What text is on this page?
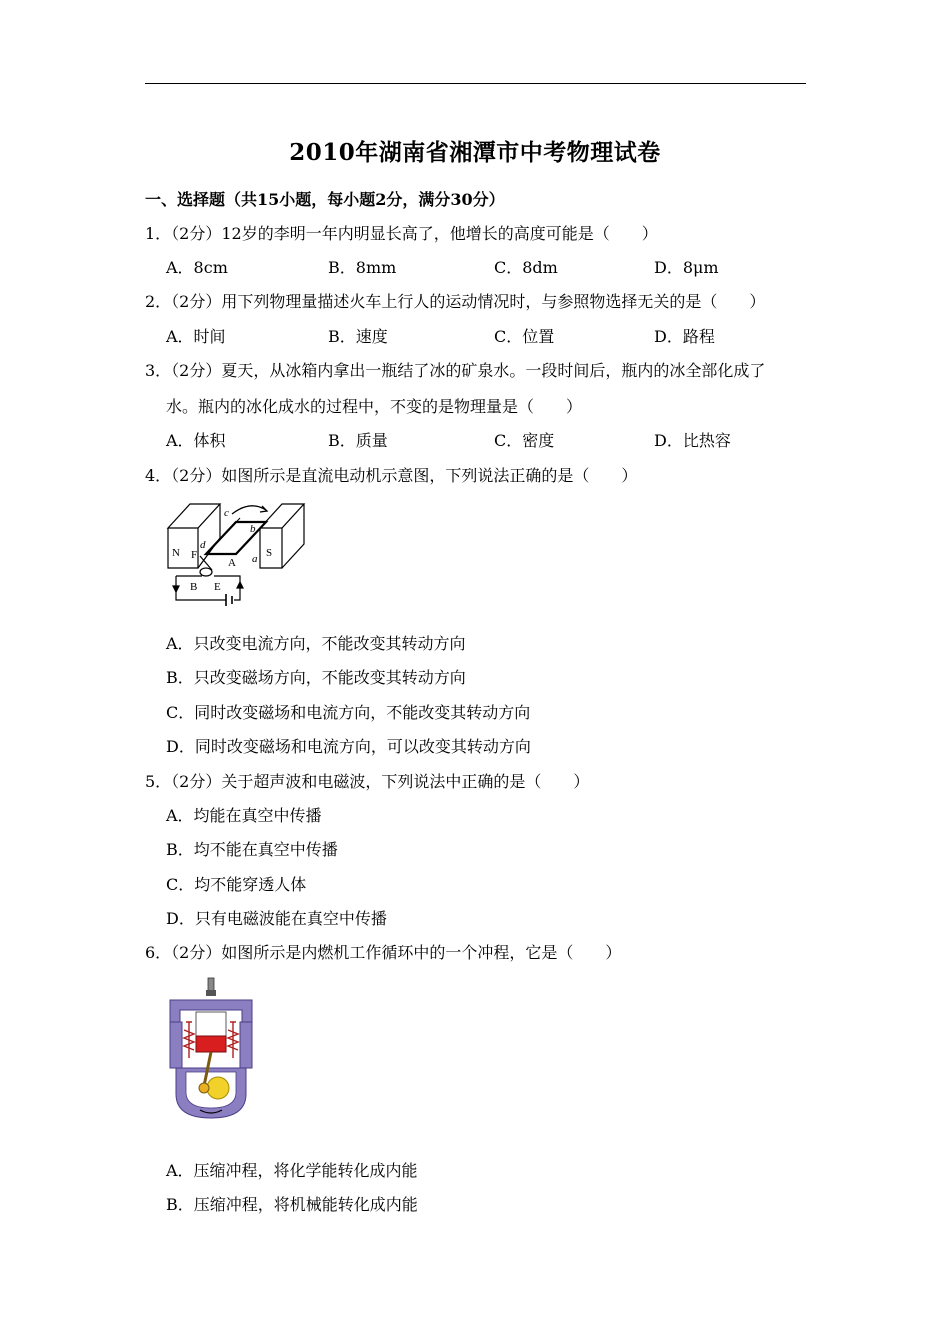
2010年湖南省湘潭市中考物理试卷
一、选择题（共15小题，每小题2分，满分30分）
1．（2分）12岁的李明一年内明显长高了，他增长的高度可能是（　　）
A．8cm	B．8mm	C．8dm	D．8μm
2．（2分）用下列物理量描述火车上行人的运动情况时，与参照物选择无关的是（　　）
A．时间	B．速度	C．位置	D．路程
3．（2分）夏天，从冰箱内拿出一瓶结了冰的矿泉水。一段时间后，瓶内的冰全部化成了
水。瓶内的冰化成水的过程中，不变的是物理量是（　　）
A．体积	B．质量	C．密度	D．比热容
4．（2分）如图所示是直流电动机示意图，下列说法正确的是（　　）
N	S
F
A
B E
c
d
a
b
A．只改变电流方向，不能改变其转动方向
B．只改变磁场方向，不能改变其转动方向
C．同时改变磁场和电流方向，不能改变其转动方向
D．同时改变磁场和电流方向，可以改变其转动方向
5．（2分）关于超声波和电磁波，下列说法中正确的是（　　）
A．均能在真空中传播
B．均不能在真空中传播
C．均不能穿透人体
D．只有电磁波能在真空中传播
6．（2分）如图所示是内燃机工作循环中的一个冲程，它是（　　）
A．压缩冲程，将化学能转化成内能
B．压缩冲程，将机械能转化成内能
